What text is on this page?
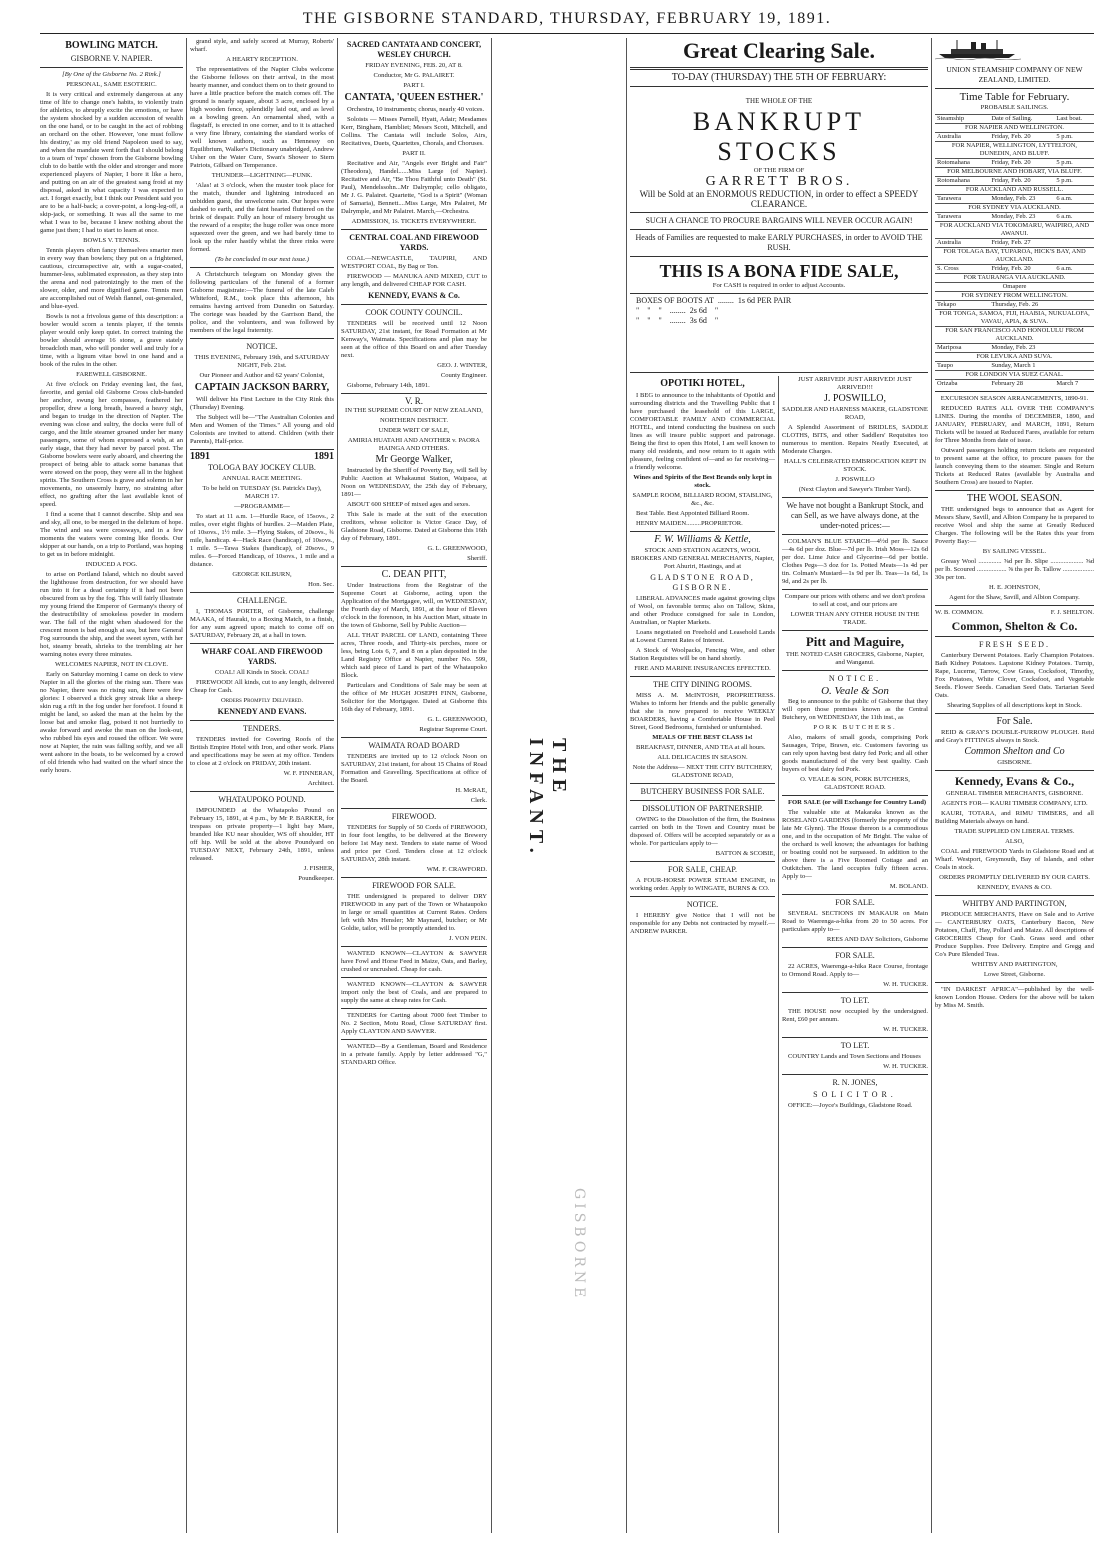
THE GISBORNE STANDARD, THURSDAY, FEBRUARY 19, 1891.
BOWLING MATCH.
GISBORNE V. NAPIER.

[By One of the Gisborne No. 2 Rink.]

PERSONAL, SAME ESOTERIC.

It is very critical and extremely dangerous at any time of life to change one's habits, to violently train for athletics, to abruptly excite the emotions, or have the system shocked by a sudden accession of wealth on the one hand, or to be caught in the act of robbing an orchard on the other. However, 'one must follow his destiny,' as my old friend Napoleon used to say, and when the mandate went forth that I should belong to a team of 'reps' chosen from the Gisborne bowling club to do battle with the older and stronger and more experienced players of Napier, I bore it like a hero, and putting on an air of the greatest sang froid at my disposal, asked in what capacity I was expected to act. I forget exactly, but I think our President said you are to be a half-back; a cover-point, a long-leg-off, a skip-jack, or something. It was all the same to me what I was to be, because I knew nothing about the game just then; I had to start to learn at once.

BOWLS V. TENNIS.

Tennis players often fancy themselves smarter men in every way than bowlers; they put on a frightened, cautious, circumspective air, with a sugar-coated, hummer-less, sublimated expression, as they step into the arena and nod patronizingly to the men of the slower, older, and more dignified game. Tennis men are accomplished out of Welsh flannel, out-generaled, and blue-eyed.

Bowls is not a frivolous game of this description: a bowler would scorn a tennis player, if the tennis player would only keep quiet. In correct training the bowler should average 16 stone, a grave stately broadcloth man, who will ponder well and truly for a time, with a lignum vitae bowl in one hand and a book of the rules in the other.

FAREWELL GISBORNE.

At five o'clock on Friday evening last, the fast, favorite, and genial old Gisborne Cross club-banded her anchor, swung her compasses, feathered her propellor, drew a long breath, heaved a heavy sigh, and began to trudge in the direction of Napier. The evening was close and sultry, the docks were full of cargo, and the little steamer groaned under her many passengers, some of whom expressed a wish, at an early stage, that they had never by parcel post. The Gisborne bowlers were early aboard, and cheering the prospect of being able to attack some bananas that were stowed on the poop, they were all in the highest spirits. The Southern Cross is grave and solemn in her movements, no unseemly hurry, no straining after effect, no grafting after the last available knot of speed.

I find a scene that I cannot describe. Ship and sea and sky, all one, to be merged in the delirium of hope. The wind and sea were crossways, and in a few moments the waters were coming like floods. Our skipper at our hands, on a trip to Portland, was hoping to get us in before midnight.

INDUCED A FOG.

to arise on Portland Island, which no doubt saved the lighthouse from destruction, for we should have run into it for a dead certainty if it had not been obscured from us by the fog. This will fairly illustrate my young friend the Emperor of Germany's theory of the destructibility of smokeless powder in modern war. The fall of the night when shadowed for the crescent moon is bad enough at sea, but here General Fog surrounds the ship, and the sweet syren, with her hot, steamy breath, shrieks to the trembling air her warning notes every three minutes.

WELCOMES NAPIER, NOT IN CLOVE.

Early on Saturday morning I came on deck to view Napier in all the glories of the rising sun. There was no Napier, there was no rising sun, there were few glories: I observed a thick grey streak like a sheep-skin rug a rift in the fog under her forefoot. I found it might be land, so asked the man at the helm by the loose bat and smoke flag, poised it not hurriedly to awake forward and awoke the man on the look-out, who rubbed his eyes and roused the officer. We were now at Napier, the rain was falling softly, and we all went ashore in the boats, to be welcomed by a crowd of old friends who had waited on the wharf since the early hours.

grand style, and safely scored at Murray, Roberts' wharf.

A HEARTY RECEPTION.

The representatives of the Napier Clubs welcome the Gisborne fellows on their arrival, in the most hearty manner, and conduct them on to their ground to have a little practice before the match comes off. The ground is nearly square, about 3 acre, enclosed by a high wooden fence, splendidly laid out, and as level as a bowling green. An ornamental shed, with a flagstaff, is erected in one corner, and to it is attached a very fine library, containing the standard works of well known authors, such as Hennessy on Equilibrium, Walker's Dictionary unabridged, Andrew Usher on the Water Cure, Swan's Shower to Stern Patriots, Gilbard on Temperance.

THUNDER—LIGHTNING—FUNK.

'Alas! at 3 o'clock, when the muster took place for the match, thunder and lightning introduced an unbidden guest, the unwelcome rain. Our hopes were dashed to earth, and the faint hearted fluttered on the brink of despair. Fully an hour of misery brought us the reward of a respite; the huge roller was once more squeezed over the green, and we had barely time to look up the ruler hastily whilst the three rinks were formed.

(To be concluded in our next issue.)

A Christchurch telegram on Monday gives the following particulars of the funeral of a former Gisborne magistrate:—The funeral of the late Caleb Whiteford, R.M., took place this afternoon, his remains having arrived from Dunedin on Saturday. The cortege was headed by the Garrison Band, the police, and the volunteers, and was followed by members of the legal fraternity.

NOTICE.

THIS EVENING, February 19th, and SATURDAY NIGHT, Feb. 21st.

Our Pioneer and Author and 62 years' Colonist,

CAPTAIN JACKSON BARRY,

Will deliver his First Lecture in the City Rink this (Thursday) Evening.

The Subject will be—"The Australian Colonies and Men and Women of the Times." All young and old Colonists are invited to attend. Children (with their Parents), Half-price.

1891	1891
TOLOGA BAY JOCKEY CLUB.

ANNUAL RACE MEETING.

To be held on TUESDAY (St. Patrick's Day), MARCH 17.

—PROGRAMME—

To start at 11 a.m. 1—Hurdle Race, of 15sovs., 2 miles, over eight flights of hurdles. 2—Maiden Plate, of 10sovs., 1½ mile. 3—Flying Stakes, of 20sovs., ¾ mile, handicap. 4—Hack Race (handicap), of 10sovs., 1 mile. 5—Tawa Stakes (handicap), of 20sovs., 9 miles. 6—Forced Handicap, of 10sovs., 1 mile and a distance.

GEORGE KILBURN,

Hon. Sec.

CHALLENGE.

I, THOMAS PORTER, of Gisborne, challenge MAAKA, of Hauraki, to a Boxing Match, to a finish, for any sum agreed upon; match to come off on SATURDAY, February 28, at a hall in town.

WHARF COAL AND FIREWOOD YARDS.

COAL! All Kinds in Stock. COAL!

FIREWOOD! All kinds, cut to any length, delivered Cheap for Cash.

Orders Promptly Delivered.

KENNEDY AND EVANS.
TENDERS.

TENDERS invited for Covering Roofs of the British Empire Hotel with Iron, and other work. Plans and specifications may be seen at my office. Tenders to close at 2 o'clock on FRIDAY, 20th instant.

W. F. FINNERAN,

Architect.

WHATAUPOKO POUND.

IMPOUNDED at the Whatapoko Pound on February 15, 1891, at 4 p.m., by Mr P. BARKER, for trespass on private property—1 light bay Mare, branded like KU near shoulder, WS off shoulder, HT off hip. Will be sold at the above Poundyard on TUESDAY NEXT, February 24th, 1891, unless released.

J. FISHER,

Poundkeeper.

SACRED CANTATA AND CONCERT, WESLEY CHURCH.

FRIDAY EVENING, FEB. 20, AT 8.

Conductor, Mr G. PALAIRET.

PART I.

CANTATA, 'QUEEN ESTHER.'

Orchestra, 10 instruments; chorus, nearly 40 voices.

Soloists — Misses Parnell, Hyatt, Adair; Mesdames Kerr, Bingham, Hambliet; Messrs Scott, Mitchell, and Collins. The Cantata will include Solos, Airs, Recitatives, Duets, Quartettes, Chorals, and Choruses.

PART II.

Recitative and Air, "Angels ever Bright and Fair" (Theodora), Handel......Miss Large (of Napier). Recitative and Air, "Be Thou Faithful unto Death" (St. Paul), Mendelssohn...Mr Dalrymple; cello obligato, Mr J. G. Palairet. Quartette, "God is a Spirit" (Woman of Samaria), Bennett....Miss Large, Mrs Palairet, Mr Dalrymple, and Mr Palairet. March,—Orchestra.

ADMISSION, 1s. TICKETS EVERYWHERE.

CENTRAL COAL AND FIREWOOD YARDS.

COAL—NEWCASTLE, TAUPIRI, AND WESTPORT COAL, By Bag or Ton.

FIREWOOD — MANUKA AND MIXED, CUT to any length, and delivered CHEAP FOR CASH.

KENNEDY, EVANS & Co.
COOK COUNTY COUNCIL.

TENDERS will be received until 12 Noon SATURDAY, 21st instant, for Road Formation at Mr Kenway's, Waimata. Specifications and plan may be seen at the office of this Board on and after Tuesday next.

GEO. J. WINTER,

County Engineer.

Gisborne, February 14th, 1891.

V. R.

IN THE SUPREME COURT OF NEW ZEALAND,

NORTHERN DISTRICT.

UNDER WRIT OF SALE,

AMIRIA HUATAHI AND ANOTHER v. PAORA HAINGA AND OTHERS.

Mr George Walker,

Instructed by the Sheriff of Poverty Bay, will Sell by Public Auction at Whakaunui Station, Waipaoa, at Noon on WEDNESDAY, the 25th day of February, 1891—

ABOUT 600 SHEEP of mixed ages and sexes.

This Sale is made at the suit of the execution creditors, whose solicitor is Victor Grace Day, of Gladstone Road, Gisborne. Dated at Gisborne this 16th day of February, 1891.

G. L. GREENWOOD,

Sheriff.

C. DEAN PITT,

Under Instructions from the Registrar of the Supreme Court at Gisborne, acting upon the Application of the Mortgagee, will, on WEDNESDAY, the Fourth day of March, 1891, at the hour of Eleven o'clock in the forenoon, in his Auction Mart, situate in the town of Gisborne, Sell by Public Auction—

ALL THAT PARCEL OF LAND, containing Three acres, Three roods, and Thirty-six perches, more or less, being Lots 6, 7, and 8 on a plan deposited in the Land Registry Office at Napier, number No. 599, which said piece of Land is part of the Whataupoko Block.

Particulars and Conditions of Sale may be seen at the office of Mr HUGH JOSEPH FINN, Gisborne, Solicitor for the Mortgagee. Dated at Gisborne this 16th day of February, 1891.

G. L. GREENWOOD,

Registrar Supreme Court.

WAIMATA ROAD BOARD

TENDERS are invited up to 12 o'clock Noon on SATURDAY, 21st instant, for about 15 Chains of Road Formation and Gravelling. Specifications at office of the Board.

H. McRAE,

Clerk.

FIREWOOD.

TENDERS for Supply of 50 Cords of FIREWOOD, in four foot lengths, to be delivered at the Brewery before 1st May next. Tenders to state name of Wood and price per Cord. Tenders close at 12 o'clock SATURDAY, 28th instant.

WM. F. CRAWFORD.

FIREWOOD FOR SALE.

THE undersigned is prepared to deliver DRY FIREWOOD in any part of the Town or Whataupoko in large or small quantities at Current Rates. Orders left with Mrs Hensler; Mr Maynard, butcher; or Mr Goldie, tailor, will be promptly attended to.

J. VON PEIN.

WANTED KNOWN—CLAYTON & SAWYER have Fowl and Horse Feed in Maize, Oats, and Barley, crushed or uncrushed. Cheap for cash.

WANTED KNOWN—CLAYTON & SAWYER import only the best of Coals, and are prepared to supply the same at cheap rates for Cash.

TENDERS for Carting about 7000 feet Timber to No. 2 Section, Motu Road, Close SATURDAY first. Apply CLAYTON AND SAWYER.

WANTED—By a Gentleman, Board and Residence in a private family. Apply by letter addressed "G," STANDARD Office.

THE INFANT.
GISBORNE
Great Clearing Sale.
TO-DAY (THURSDAY) THE 5TH OF FEBRUARY:

THE WHOLE OF THE

BANKRUPT STOCKS

OF THE FIRM OF

GARRETT BROS.
Will be Sold at an ENORMOUS REDUCTION, in order to effect a SPEEDY CLEARANCE.
SUCH A CHANCE TO PROCURE BARGAINS WILL NEVER OCCUR AGAIN!
Heads of Families are requested to make EARLY PURCHASES, in order to AVOID THE RUSH.
THIS IS A BONA FIDE SALE,

For CASH is required in order to adjust Accounts.

BOXES OF BOOTS AT  ........  1s 6d PER PAIR

"    "    "    ........  2s 6d    "

"    "    "    ........  3s 6d    "

OPOTIKI HOTEL,

I BEG to announce to the inhabitants of Opotiki and surrounding districts and the Travelling Public that I have purchased the leasehold of this LARGE, COMFORTABLE FAMILY AND COMMERCIAL HOTEL, and intend conducting the business on such lines as will insure public support and patronage. Being the first to open this Hotel, I am well known to many old residents, and now return to it again with pleasure, feeling confident of—and so far receiving—a friendly welcome.

Wines and Spirits of the Best Brands only kept in stock.

SAMPLE ROOM, BILLIARD ROOM, STABLING, &c., &c.

Best Table. Best Appointed Billiard Room.

HENRY MAIDEN.........PROPRIETOR.

F. W. Williams & Kettle,

STOCK AND STATION AGENTS, WOOL BROKERS AND GENERAL MERCHANTS, Napier, Port Ahuriri, Hastings, and at

GLADSTONE ROAD, GISBORNE.

LIBERAL ADVANCES made against growing clips of Wool, on favorable terms; also on Tallow, Skins, and other Produce consigned for sale in London, Australian, or Napier Markets.

Loans negotiated on Freehold and Leasehold Lands at Lowest Current Rates of Interest.

A Stock of Woolpacks, Fencing Wire, and other Station Requisites will be on hand shortly.

FIRE AND MARINE INSURANCES EFFECTED.

THE CITY DINING ROOMS.

MISS A. M. McINTOSH, PROPRIETRESS. Wishes to inform her friends and the public generally that she is now prepared to receive WEEKLY BOARDERS, having a Comfortable House in Peel Street, Good Bedrooms, furnished or unfurnished.

MEALS OF THE BEST CLASS 1s!

BREAKFAST, DINNER, AND TEA at all hours.

ALL DELICACIES IN SEASON.

Note the Address— NEXT THE CITY BUTCHERY, GLADSTONE ROAD,

BUTCHERY BUSINESS FOR SALE.
DISSOLUTION OF PARTNERSHIP.

OWING to the Dissolution of the firm, the Business carried on both in the Town and Country must be disposed of. Offers will be accepted separately or as a whole. For particulars apply to—

BATTON & SCOBIE,

FOR SALE, CHEAP.

A FOUR-HORSE POWER STEAM ENGINE, in working order. Apply to WINGATE, BURNS & CO.

NOTICE.

I HEREBY give Notice that I will not be responsible for any Debts not contracted by myself.—ANDREW PARKER.

JUST ARRIVED! JUST ARRIVED! JUST ARRIVED!!!

J. POSWILLO,

SADDLER AND HARNESS MAKER, GLADSTONE ROAD,

A Splendid Assortment of BRIDLES, SADDLE CLOTHS, BITS, and other Saddlers' Requisites too numerous to mention. Repairs Neatly Executed, at Moderate Charges.

HALL'S CELEBRATED EMBROCATION KEPT IN STOCK.

J. POSWILLO

(Next Clayton and Sawyer's Timber Yard).

We have not bought a Bankrupt Stock, and can Sell, as we have always done, at the under-noted prices:—

COLMAN'S BLUE STARCH—4½d per lb. Sauce—4s 6d per doz. Blue—7d per lb. Irish Moss—12s 6d per doz. Lime Juice and Glycerine—6d per bottle. Clothes Pegs—3 doz for 1s. Potted Meats—1s 4d per tin. Colman's Mustard—1s 9d per lb. Teas—1s 6d, 1s 9d, and 2s per lb.

Compare our prices with others: and we don't profess to sell at cost, and our prices are

LOWER THAN ANY OTHER HOUSE IN THE TRADE.

Pitt and Maguire,

THE NOTED CASH GROCERS, Gisborne, Napier, and Wanganui.

NOTICE.
O. Veale & Son

Beg to announce to the public of Gisborne that they will open those premises known as the Central Butchery, on WEDNESDAY, the 11th inst., as

PORK BUTCHERS.

Also, makers of small goods, comprising Pork Sausages, Tripe, Brawn, etc. Customers favoring us can rely upon having best dairy fed Pork; and all other goods manufactured of the very best quality. Cash buyers of best dairy fed Pork.

O. VEALE & SON, PORK BUTCHERS, GLADSTONE ROAD.

FOR SALE (or will Exchange for Country Land)

The valuable site at Makaraka known as the ROSELAND GARDENS (formerly the property of the late Mr Glynn). The House thereon is a commodious one, and in the occupation of Mr Bright. The value of the orchard is well known; the advantages for bathing or boating could not be surpassed. In addition to the above there is a Five Roomed Cottage and an Outkitchen. The land occupies fully fifteen acres. Apply to—

M. BOLAND.

FOR SALE.

SEVERAL SECTIONS IN MAKAUR on Main Road to Waerenga-a-hika from 20 to 50 acres. For particulars apply to—

REES AND DAY Solicitors, Gisborne

FOR SALE.

22 ACRES, Waerenga-a-hika Race Course, frontage to Ormond Road. Apply to—

W. H. TUCKER.

TO LET.

THE HOUSE now occupied by the undersigned. Rent, £60 per annum.

W. H. TUCKER.

TO LET.

COUNTRY Lands and Town Sections and Houses

W. H. TUCKER.

R. N. JONES,
SOLICITOR.

OFFICE:—Joyce's Buildings, Gladstone Road.

UNION STEAMSHIP COMPANY OF NEW ZEALAND, LIMITED.
Time Table for February.

PROBABLE SAILINGS.

Steamship	Date of Sailing.	Last boat.
FOR NAPIER AND WELLINGTON.		
Australia	Friday, Feb. 20	5 p.m.
FOR NAPIER, WELLINGTON, LYTTELTON, DUNEDIN, AND BLUFF.		
Rotomahana	Friday, Feb. 20	5 p.m.
FOR MELBOURNE AND HOBART, VIA BLUFF.		
Rotomahana	Friday, Feb. 20	5 p.m.
FOR AUCKLAND AND RUSSELL.		
Tarawera	Monday, Feb. 23	6 a.m.
FOR SYDNEY VIA AUCKLAND.		
Tarawera	Monday, Feb. 23	6 a.m.
FOR AUCKLAND VIA TOKOMARU, WAIPIRO, AND AWANUI.		
Australia	Friday, Feb. 27	
FOR TOLAGA BAY, TUPAROA, HICK'S BAY, AND AUCKLAND.		
S. Cross	Friday, Feb. 20	6 a.m.
FOR TAURANGA VIA AUCKLAND.		
Omapere		
FOR SYDNEY FROM WELLINGTON.		
Tekapo	Thursday, Feb. 26	
FOR TONGA, SAMOA, FIJI, HAABIA, NUKUALOFA, VAVAU, APIA, & SUVA.		
FOR SAN FRANCISCO AND HONOLULU FROM AUCKLAND.		
Mariposa	Monday, Feb. 23	
FOR LEVUKA AND SUVA.		
Taupo	Sunday, March 1	
FOR LONDON VIA SUEZ CANAL.		
Orizaba	February 28	March 7

EXCURSION SEASON ARRANGEMENTS, 1890-91.

REDUCED RATES ALL OVER THE COMPANY'S LINES. During the months of DECEMBER, 1890, and JANUARY, FEBRUARY, and MARCH, 1891, Return Tickets will be issued at Reduced Fares, available for return for Three Months from date of issue.

Outward passengers holding return tickets are requested to present same at the office, to procure passes for the launch conveying them to the steamer. Single and Return Tickets at Reduced Rates (available by Australia and Southern Cross) are issued to Napier.

THE WOOL SEASON.

THE undersigned begs to announce that as Agent for Messrs Shaw, Savill, and Albion Company he is prepared to receive Wool and ship the same at Greatly Reduced Charges. The following will be the Rates this year from Poverty Bay:—

By SAILING VESSEL.

Greasy Wool .............. ⅝d per lb. Slipe .................... ⅝d per lb. Scoured .................. ⅝ ths per lb. Tallow ................... 30s per ton.

H. E. JOHNSTON,

Agent for the Shaw, Savill, and Albion Company.

W. B. COMMON.	F. J. SHELTON.
Common, Shelton & Co.
FRESH SEED.

Canterbury Derwent Potatoes. Early Champion Potatoes. Bath Kidney Potatoes. Lapstone Kidney Potatoes. Turnip, Rape, Lucerne, Tarrow, Cow Grass, Cocksfoot, Timothy, Fox Potatoes, White Clover, Cocksfoot, and Vegetable Seeds. Flower Seeds. Canadian Seed Oats. Tartarian Seed Oats.

Shearing Supplies of all descriptions kept in Stock.

For Sale.

REID & GRAY'S DOUBLE-FURROW PLOUGH. Reid and Gray's FITTINGS always in Stock.

Common Shelton and Co

GISBORNE.

Kennedy, Evans & Co.,

GENERAL TIMBER MERCHANTS, GISBORNE.

AGENTS FOR— KAURI TIMBER COMPANY, LTD.

KAURI, TOTARA, and RIMU TIMBERS, and all Building Materials always on hand.

TRADE SUPPLIED ON LIBERAL TERMS.

ALSO,

COAL and FIREWOOD Yards in Gladstone Road and at Wharf. Westport, Greymouth, Bay of Islands, and other Coals in stock.

ORDERS PROMPTLY DELIVERED BY OUR CARTS.

KENNEDY, EVANS & CO.

WHITBY AND PARTINGTON,

PRODUCE MERCHANTS, Have on Sale and to Arrive— CANTERBURY OATS, Canterbury Bacon, New Potatoes, Chaff, Hay, Pollard and Maize. All descriptions of GROCERIES Cheap for Cash. Grass seed and other Produce Supplies. Free Delivery. Empire and Gregg and Co's Pure Blended Teas.

WHITBY AND PARTINGTON,

Lowe Street, Gisborne.

"IN DARKEST AFRICA"—published by the well-known London House. Orders for the above will be taken by Miss M. Smith.
